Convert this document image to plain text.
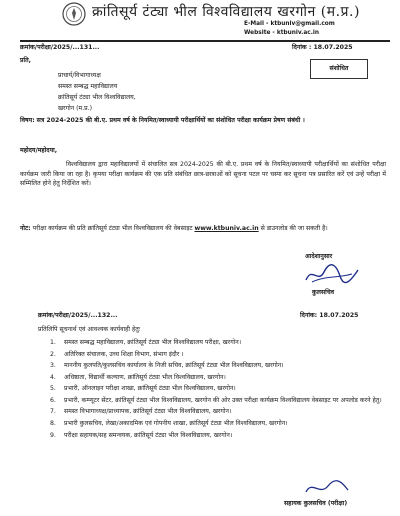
क्रांतिसूर्य टंट्या भील विश्वविद्यालय खरगोन (म.प्र.)
E-Mail - ktbuniv@gmail.com
Website - ktbuniv.ac.in
क्रमांक/परीक्षा/2025/...131...	दिनांक : 18.07.2025
प्रति,
प्राचार्य/विभागाध्यक्ष
समस्त सम्बद्ध महाविद्यालय
क्रांतिसूर्य टंट्या भील विश्वविद्यालय,
खरगोन (म.प्र.)
संशोधित
विषय: सत्र 2024-2025 की बी.ए. प्रथम वर्ष के नियमित/स्वाध्यायी परीक्षार्थियों का संशोधित परीक्षा कार्यक्रम प्रेषण संबंधी ।
महोदय/महोदया,
विश्वविद्यालय द्वारा महाविद्यालयों में संचालित सत्र 2024-2025 की बी.ए. प्रथम वर्ष के नियमित/स्वाध्यायी परीक्षार्थियों का संशोधित परीक्षा कार्यक्रम जारी किया जा रहा है। कृपया परीक्षा कार्यक्रम की एक प्रति संबंधित छात्र-छात्राओं को सूचना पटल पर चस्पा कर सूचना पत्र प्रसारित करें एवं उन्हें परीक्षा में सम्मिलित होने हेतु निर्देशित करें।
नोट: परीक्षा कार्यक्रम की प्रति क्रांतिसूर्य टंट्या भील विश्वविद्यालय की वेबसाइट www.ktbuniv.ac.in से डाउनलोड की जा सकती है।
आदेशानुसार
कुलसचिव
क्रमांक/परीक्षा/2025/...132...	दिनांक: 18.07.2025
प्रतिलिपि सूचनार्थ एवं आवश्यक कार्यवाही हेतुः
1. समस्त सम्बद्ध महाविद्यालय, क्रांतिसूर्य टंट्या भील विश्वविद्यालय परीक्षा, खरगोन।
2. अतिरिक्त संचालक, उच्च शिक्षा विभाग, संभाग इंदौर ।
3. माननीय कुलपति/कुलसचिव कार्यालय के निजी सचिव, क्रांतिसूर्य टंट्या भील विश्वविद्यालय, खरगोन।
4. अधिष्ठाता, विद्यार्थी कल्याण, क्रांतिसूर्य टंट्या भील विश्वविद्यालय, खरगोन।
5. प्रभारी, ऑनलाइन परीक्षा शाखा, क्रांतिसूर्य टंट्या भील विश्वविद्यालय, खरगोन।
6. प्रभारी, कम्प्यूटर सेंटर, क्रांतिसूर्य टंट्या भील विश्वविद्यालय, खरगोन की ओर उक्त परीक्षा कार्यक्रम विश्वविद्यालय वेबसाइट पर अपलोड करने हेतु।
7. समस्त विभागाध्यक्ष/प्राध्यापक, क्रांतिसूर्य टंट्या भील विश्वविद्यालय, खरगोन।
8. प्रभारी कुलसचिव, लेखा/अकादमिक एवं गोपनीय शाखा, क्रांतिसूर्य टंट्या भील विश्वविद्यालय, खरगोन।
9. परीक्षा सहायक/सह समन्वयक, क्रांतिसूर्य टंट्या भील विश्वविद्यालय, खरगोन।
सहायक कुलसचिव (परीक्षा)
